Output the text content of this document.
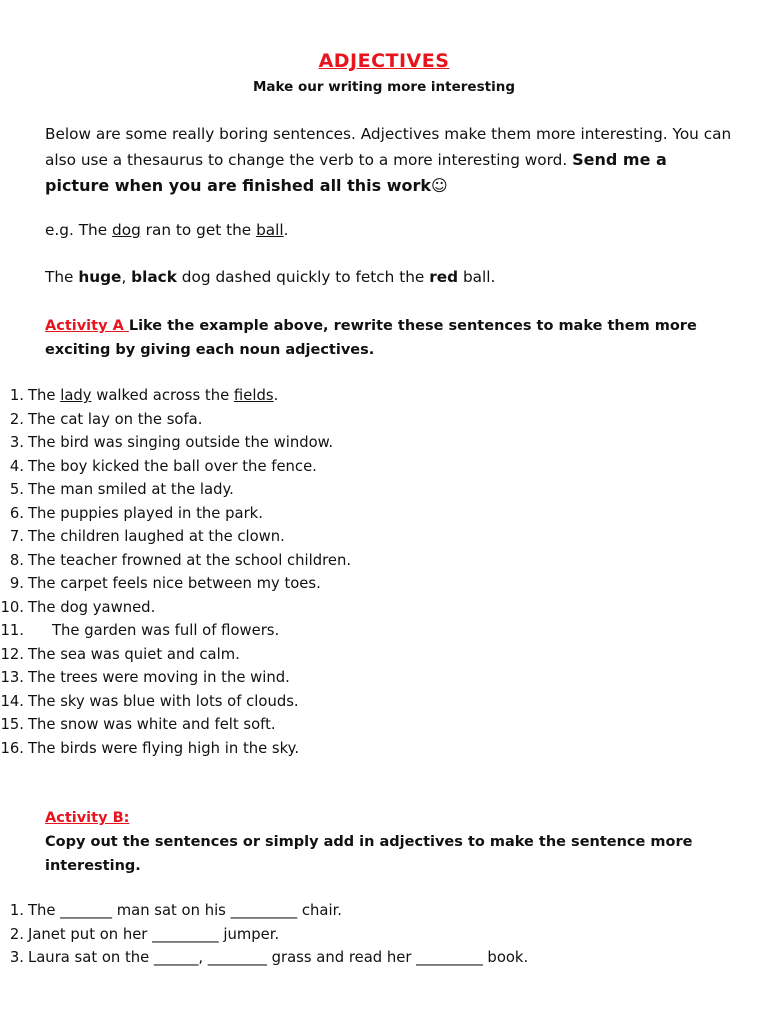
ADJECTIVES
Make our writing more interesting
Below are some really boring sentences. Adjectives make them more interesting. You can
also use a thesaurus to change the verb to a more interesting word. Send me a
picture when you are finished all this work☺
e.g. The dog ran to get the ball.
The huge, black dog dashed quickly to fetch the red ball.
Activity A Like the example above, rewrite these sentences to make them more exciting by giving each noun adjectives.
1. The lady walked across the fields.
2. The cat lay on the sofa.
3. The bird was singing outside the window.
4. The boy kicked the ball over the fence.
5. The man smiled at the lady.
6. The puppies played in the park.
7. The children laughed at the clown.
8. The teacher frowned at the school children.
9. The carpet feels nice between my toes.
10. The dog yawned.
11. The garden was full of flowers.
12. The sea was quiet and calm.
13. The trees were moving in the wind.
14. The sky was blue with lots of clouds.
15. The snow was white and felt soft.
16. The birds were flying high in the sky.
Activity B:
Copy out the sentences or simply add in adjectives to make the sentence more interesting.
1. The _______ man sat on his _________ chair.
2. Janet put on her _________ jumper.
3. Laura sat on the ______, ________ grass and read her _________ book.
